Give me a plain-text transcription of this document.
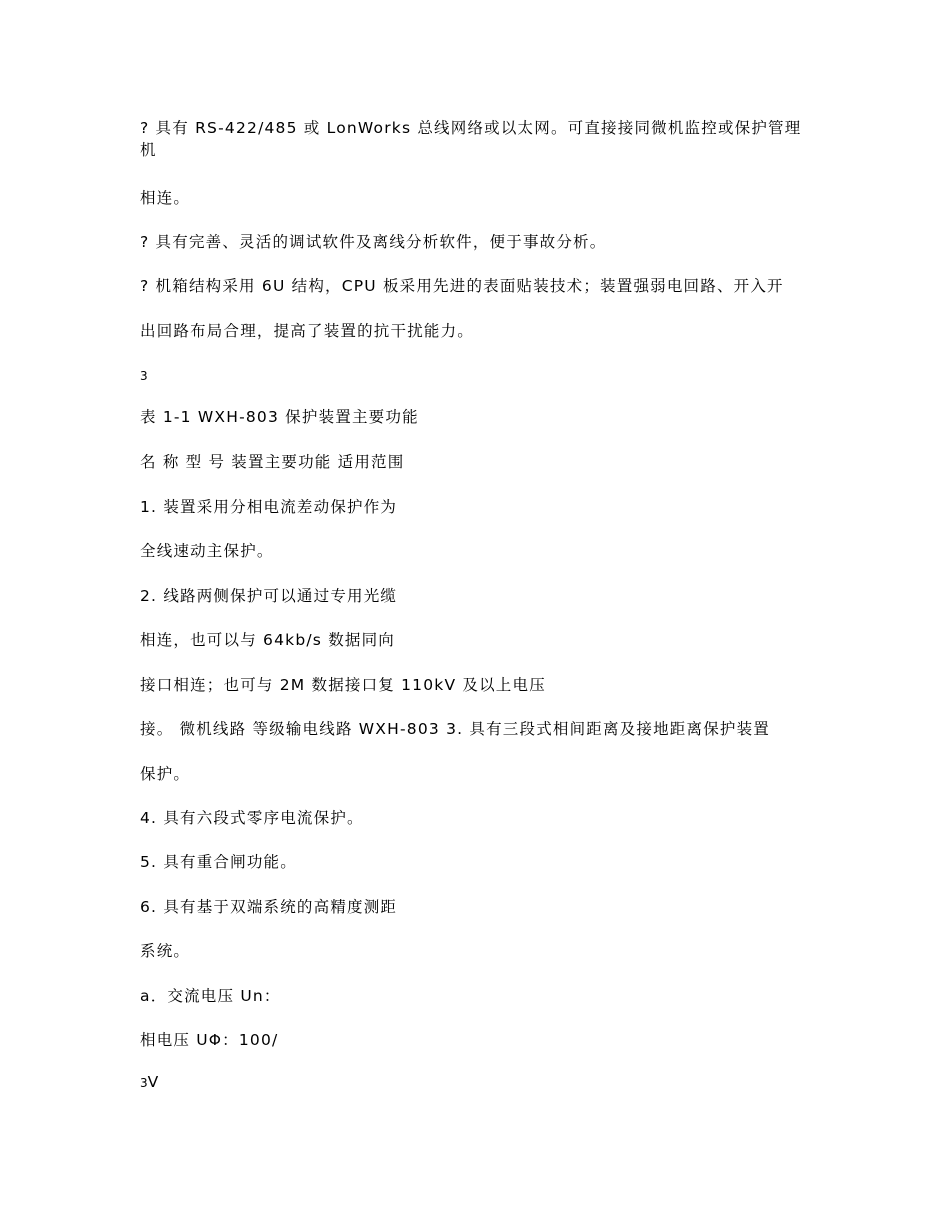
? 具有 RS-422/485 或 LonWorks 总线网络或以太网。可直接接同微机监控或保护管理机
相连。
? 具有完善、灵活的调试软件及离线分析软件，便于事故分析。
? 机箱结构采用 6U 结构，CPU 板采用先进的表面贴装技术；装置强弱电回路、开入开
出回路布局合理，提高了装置的抗干扰能力。
3
表 1-1 WXH-803 保护装置主要功能
名 称 型 号 装置主要功能 适用范围
1. 装置采用分相电流差动保护作为
全线速动主保护。
2. 线路两侧保护可以通过专用光缆
相连，也可以与 64kb/s 数据同向
接口相连；也可与 2M 数据接口复 110kV 及以上电压
接。 微机线路 等级输电线路 WXH-803 3. 具有三段式相间距离及接地距离保护装置
保护。
4. 具有六段式零序电流保护。
5. 具有重合闸功能。
6. 具有基于双端系统的高精度测距
系统。
a．交流电压 Un：
相电压 UΦ：100/
3V
